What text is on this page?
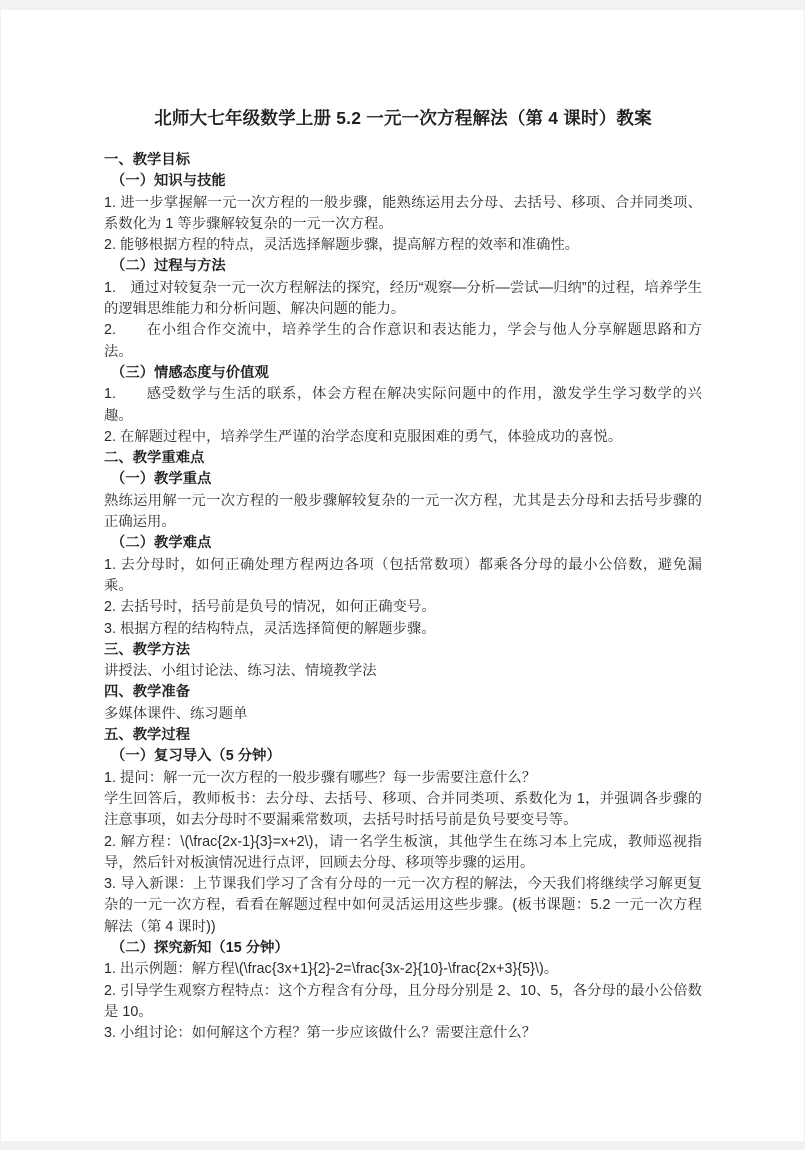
北师大七年级数学上册 5.2 一元一次方程解法（第 4 课时）教案

一、教学目标

（一）知识与技能

1. 进一步掌握解一元一次方程的一般步骤，能熟练运用去分母、去括号、移项、合并同类项、系数化为 1 等步骤解较复杂的一元一次方程。

2. 能够根据方程的特点，灵活选择解题步骤，提高解方程的效率和准确性。

（二）过程与方法

1.　通过对较复杂一元一次方程解法的探究，经历“观察—分析—尝试—归纳”的过程，培养学生的逻辑思维能力和分析问题、解决问题的能力。

2.　　在小组合作交流中，培养学生的合作意识和表达能力，学会与他人分享解题思路和方法。

（三）情感态度与价值观

1.　　感受数学与生活的联系，体会方程在解决实际问题中的作用，激发学生学习数学的兴趣。

2. 在解题过程中，培养学生严谨的治学态度和克服困难的勇气，体验成功的喜悦。

二、教学重难点

（一）教学重点

熟练运用解一元一次方程的一般步骤解较复杂的一元一次方程，尤其是去分母和去括号步骤的正确运用。

（二）教学难点

1. 去分母时，如何正确处理方程两边各项（包括常数项）都乘各分母的最小公倍数，避免漏乘。

2. 去括号时，括号前是负号的情况，如何正确变号。

3. 根据方程的结构特点，灵活选择简便的解题步骤。

三、教学方法

讲授法、小组讨论法、练习法、情境教学法

四、教学准备

多媒体课件、练习题单

五、教学过程

（一）复习导入（5 分钟）

1. 提问：解一元一次方程的一般步骤有哪些？每一步需要注意什么？

学生回答后，教师板书：去分母、去括号、移项、合并同类项、系数化为 1，并强调各步骤的注意事项，如去分母时不要漏乘常数项，去括号时括号前是负号要变号等。

2. 解方程：\(\frac{2x-1}{3}=x+2\)，请一名学生板演，其他学生在练习本上完成，教师巡视指导，然后针对板演情况进行点评，回顾去分母、移项等步骤的运用。

3. 导入新课：上节课我们学习了含有分母的一元一次方程的解法，今天我们将继续学习解更复杂的一元一次方程，看看在解题过程中如何灵活运用这些步骤。(板书课题：5.2 一元一次方程解法（第 4 课时))

（二）探究新知（15 分钟）

1. 出示例题：解方程\(\frac{3x+1}{2}-2=\frac{3x-2}{10}-\frac{2x+3}{5}\)。

2. 引导学生观察方程特点：这个方程含有分母，且分母分别是 2、10、5，各分母的最小公倍数是 10。

3. 小组讨论：如何解这个方程？第一步应该做什么？需要注意什么？
